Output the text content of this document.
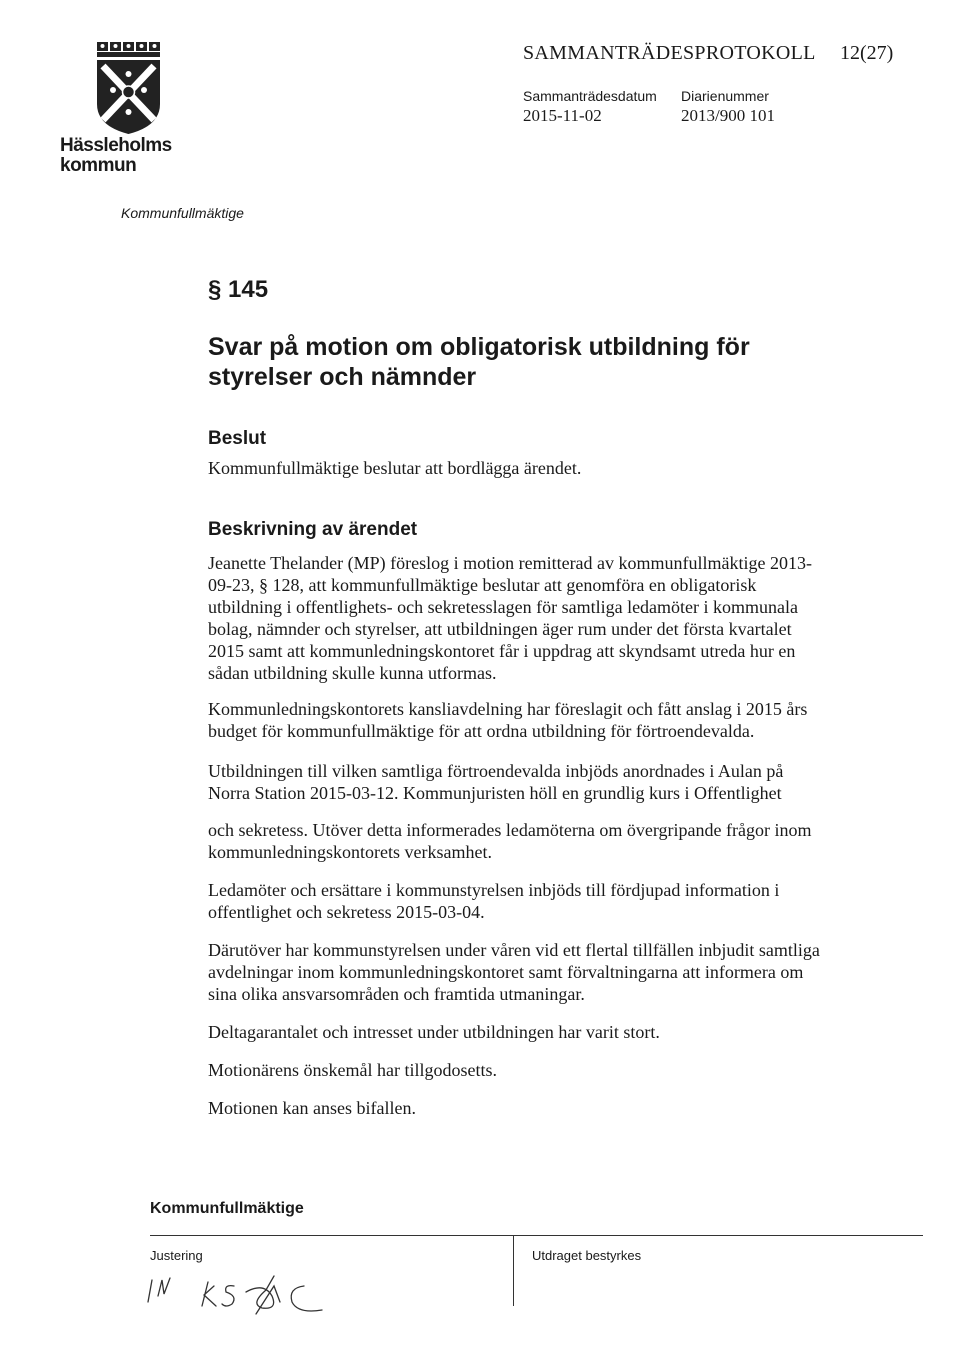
Hässleholms kommun
SAMMANTRÄDESPROTOKOLL 12(27)
Sammanträdesdatum
2015-11-02
Diarienummer
2013/900 101
Kommunfullmäktige
§ 145
Svar på motion om obligatorisk utbildning för styrelser och nämnder
Beslut
Kommunfullmäktige beslutar att bordlägga ärendet.
Beskrivning av ärendet

Jeanette Thelander (MP) föreslog i motion remitterad av kommunfullmäktige 2013-09-23, § 128, att kommunfullmäktige beslutar att genomföra en obligatorisk utbildning i offentlighets- och sekretesslagen för samtliga ledamöter i kommunala bolag, nämnder och styrelser, att utbildningen äger rum under det första kvartalet 2015 samt att kommunledningskontoret får i uppdrag att skyndsamt utreda hur en sådan utbildning skulle kunna utformas.

Kommunledningskontorets kansliavdelning har föreslagit och fått anslag i 2015 års budget för kommunfullmäktige för att ordna utbildning för förtroendevalda.

Utbildningen till vilken samtliga förtroendevalda inbjöds anordnades i Aulan på Norra Station 2015-03-12. Kommunjuristen höll en grundlig kurs i Offentlighet

och sekretess. Utöver detta informerades ledamöterna om övergripande frågor inom kommunledningskontorets verksamhet.

Ledamöter och ersättare i kommunstyrelsen inbjöds till fördjupad information i offentlighet och sekretess 2015-03-04.

Därutöver har kommunstyrelsen under våren vid ett flertal tillfällen inbjudit samtliga avdelningar inom kommunledningskontoret samt förvaltningarna att informera om sina olika ansvarsområden och framtida utmaningar.

Deltagarantalet och intresset under utbildningen har varit stort.

Motionärens önskemål har tillgodosetts.

Motionen kan anses bifallen.

Kommunfullmäktige
Justering	Utdraget bestyrkes
